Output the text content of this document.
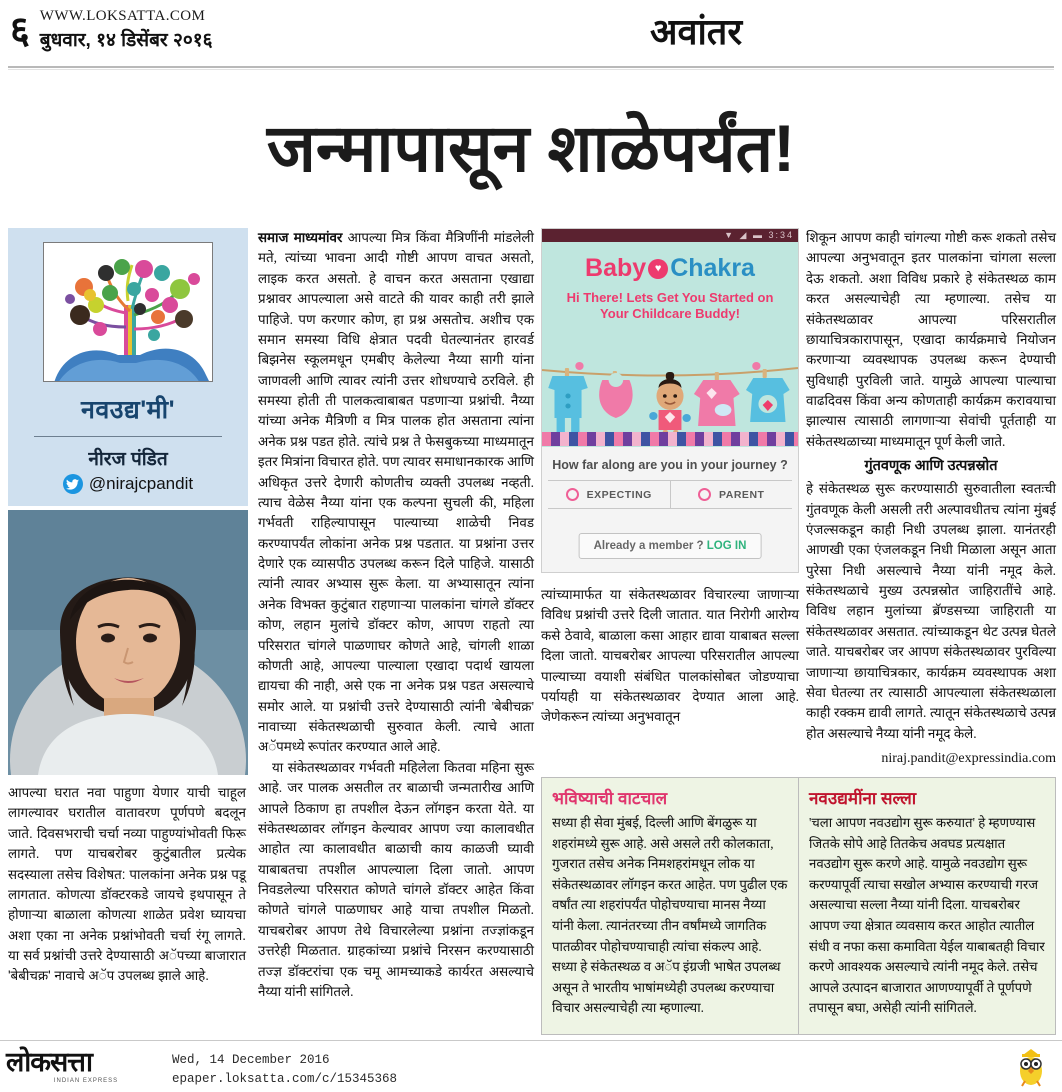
६ WWW.LOKSATTA.COM
बुधवार, १४ डिसेंबर २०१६	अवांतर
जन्मापासून शाळेपर्यंत!
नवउद्य'मी'
नीरज पंडित
@nirajcpandit
आपल्या घरात नवा पाहुणा येणार याची चाहूल लागल्यावर घरातील वातावरण पूर्णपणे बदलून जाते. दिवसभराची चर्चा नव्या पाहुण्यांभोवती फिरू लागते. पण याचबरोबर कुटुंबातील प्रत्येक सदस्याला तसेच विशेषत: पालकांना अनेक प्रश्न पडू लागतात. कोणत्या डॉक्टरकडे जायचे इथपासून ते होणाऱ्या बाळाला कोणत्या शाळेत प्रवेश घ्यायचा अशा एका ना अनेक प्रश्नांभोवती चर्चा रंगू लागते. या सर्व प्रश्नांची उत्तरे देण्यासाठी अॅपच्या बाजारात 'बेबीचक्र' नावाचे अॅप उपलब्ध झाले आहे.

समाज माध्यमांवर आपल्या मित्र किंवा मैत्रिणींनी मांडलेली मते, त्यांच्या भावना आदी गोष्टी आपण वाचत असतो, लाइक करत असतो. हे वाचन करत असताना एखाद्या प्रश्नावर आपल्याला असे वाटते की यावर काही तरी झाले पाहिजे. पण करणार कोण, हा प्रश्न असतोच. अशीच एक समान समस्या विधि क्षेत्रात पदवी घेतल्यानंतर हारवर्ड बिझनेस स्कूलमधून एमबीए केलेल्या नैय्या सागी यांना जाणवली आणि त्यावर त्यांनी उत्तर शोधण्याचे ठरविले. ही समस्या होती ती पालकत्वाबाबत पडणाऱ्या प्रश्नांची. नैय्या यांच्या अनेक मैत्रिणी व मित्र पालक होत असताना त्यांना अनेक प्रश्न पडत होते. त्यांचे प्रश्न ते फेसबुकच्या माध्यमातून इतर मित्रांना विचारत होते. पण त्यावर समाधानकारक आणि अधिकृत उत्तरे देणारी कोणतीच व्यक्ती उपलब्ध नव्हती. त्याच वेळेस नैय्या यांना एक कल्पना सुचली की, महिला गर्भवती राहिल्यापासून पाल्याच्या शाळेची निवड करण्यापर्यंत लोकांना अनेक प्रश्न पडतात. या प्रश्नांना उत्तर देणारे एक व्यासपीठ उपलब्ध करून दिले पाहिजे. यासाठी त्यांनी त्यावर अभ्यास सुरू केला. या अभ्यासातून त्यांना अनेक विभक्त कुटुंबात राहणाऱ्या पालकांना चांगले डॉक्टर कोण, लहान मुलांचे डॉक्टर कोण, आपण राहतो त्या परिसरात चांगले पाळणाघर कोणते आहे, चांगली शाळा कोणती आहे, आपल्या पाल्याला एखादा पदार्थ खायला द्यायचा की नाही, असे एक ना अनेक प्रश्न पडत असल्याचे समोर आले. या प्रश्नांची उत्तरे देण्यासाठी त्यांनी 'बेबीचक्र' नावाच्या संकेतस्थळाची सुरुवात केली. त्याचे आता अॅपमध्ये रूपांतर करण्यात आले आहे.

या संकेतस्थळावर गर्भवती महिलेला कितवा महिना सुरू आहे. जर पालक असतील तर बाळाची जन्मतारीख आणि आपले ठिकाण हा तपशील देऊन लॉगइन करता येते. या संकेतस्थळावर लॉगइन केल्यावर आपण ज्या कालावधीत आहोत त्या कालावधीत बाळाची काय काळजी घ्यावी याबाबतचा तपशील आपल्याला दिला जातो. आपण निवडलेल्या परिसरात कोणते चांगले डॉक्टर आहेत किंवा कोणते चांगले पाळणाघर आहे याचा तपशील मिळतो. याचबरोबर आपण तेथे विचारलेल्या प्रश्नांना तज्ज्ञांकडून उत्तरेही मिळतात. ग्राहकांच्या प्रश्नांचे निरसन करण्यासाठी तज्ज्ञ डॉक्टरांचा एक चमू आमच्याकडे कार्यरत असल्याचे नैय्या यांनी सांगितले.

▼ ◢ ▬ 3:34
Baby ♥ Chakra
Hi There! Lets Get You Started on
Your Childcare Buddy!
How far along are you in your journey ?
EXPECTING	PARENT
Already a member ? LOG IN

त्यांच्यामार्फत या संकेतस्थळावर विचारल्या जाणाऱ्या विविध प्रश्नांची उत्तरे दिली जातात. यात निरोगी आरोग्य कसे ठेवावे, बाळाला कसा आहार द्यावा याबाबत सल्ला दिला जातो. याचबरोबर आपल्या परिसरातील आपल्या पाल्याच्या वयाशी संबंधित पालकांसोबत जोडण्याचा पर्यायही या संकेतस्थळावर देण्यात आला आहे. जेणेकरून त्यांच्या अनुभवातून

शिकून आपण काही चांगल्या गोष्टी करू शकतो तसेच आपल्या अनुभवातून इतर पालकांना चांगला सल्ला देऊ शकतो. अशा विविध प्रकारे हे संकेतस्थळ काम करत असल्याचेही त्या म्हणाल्या. तसेच या संकेतस्थळावर आपल्या परिसरातील छायाचित्रकारापासून, एखादा कार्यक्रमाचे नियोजन करणाऱ्या व्यवस्थापक उपलब्ध करून देण्याची सुविधाही पुरविली जाते. यामुळे आपल्या पाल्याचा वाढदिवस किंवा अन्य कोणताही कार्यक्रम करावयाचा झाल्यास त्यासाठी लागणाऱ्या सेवांची पूर्तताही या संकेतस्थळाच्या माध्यमातून पूर्ण केली जाते.

गुंतवणूक आणि उत्पन्नस्रोत

हे संकेतस्थळ सुरू करण्यासाठी सुरुवातीला स्वतःची गुंतवणूक केली असली तरी अल्पावधीतच त्यांना मुंबई एंजल्सकडून काही निधी उपलब्ध झाला. यानंतरही आणखी एका एंजलकडून निधी मिळाला असून आता पुरेसा निधी असल्याचे नैय्या यांनी नमूद केले. संकेतस्थळाचे मुख्य उत्पन्नस्रोत जाहिरातींचे आहे. विविध लहान मुलांच्या ब्रॅण्डसच्या जाहिराती या संकेतस्थळावर असतात. त्यांच्याकडून थेट उत्पन्न घेतले जाते. याचबरोबर जर आपण संकेतस्थळावर पुरविल्या जाणाऱ्या छायाचित्रकार, कार्यक्रम व्यवस्थापक अशा सेवा घेतल्या तर त्यासाठी आपल्याला संकेतस्थळाला काही रक्कम द्यावी लागते. त्यातून संकेतस्थळाचे उत्पन्न होत असल्याचे नैय्या यांनी नमूद केले.

niraj.pandit@expressindia.com
भविष्याची वाटचाल
सध्या ही सेवा मुंबई, दिल्ली आणि बेंगळुरू या शहरांमध्ये सुरू आहे. असे असले तरी कोलकाता, गुजरात तसेच अनेक निमशहरांमधून लोक या संकेतस्थळावर लॉगइन करत आहेत. पण पुढील एक वर्षांत त्या शहरांपर्यंत पोहोचण्याचा मानस नैय्या यांनी केला. त्यानंतरच्या तीन वर्षांमध्ये जागतिक पातळीवर पोहोचण्याचाही त्यांचा संकल्प आहे. सध्या हे संकेतस्थळ व अॅप इंग्रजी भाषेत उपलब्ध असून ते भारतीय भाषांमध्येही उपलब्ध करण्याचा विचार असल्याचेही त्या म्हणाल्या.
नवउद्यमींना सल्ला
'चला आपण नवउद्योग सुरू करुयात' हे म्हणण्यास जितके सोपे आहे तितकेच अवघड प्रत्यक्षात नवउद्योग सुरू करणे आहे. यामुळे नवउद्योग सुरू करण्यापूर्वी त्याचा सखोल अभ्यास करण्याची गरज असल्याचा सल्ला नैय्या यांनी दिला. याचबरोबर आपण ज्या क्षेत्रात व्यवसाय करत आहोत त्यातील संधी व नफा कसा कमाविता येईल याबाबतही विचार करणे आवश्यक असल्याचे त्यांनी नमूद केले. तसेच आपले उत्पादन बाजारात आणण्यापूर्वी ते पूर्णपणे तपासून बघा, असेही त्यांनी सांगितले.
लोकसत्ता
INDIAN EXPRESS
Wed, 14 December 2016
epaper.loksatta.com/c/15345368
